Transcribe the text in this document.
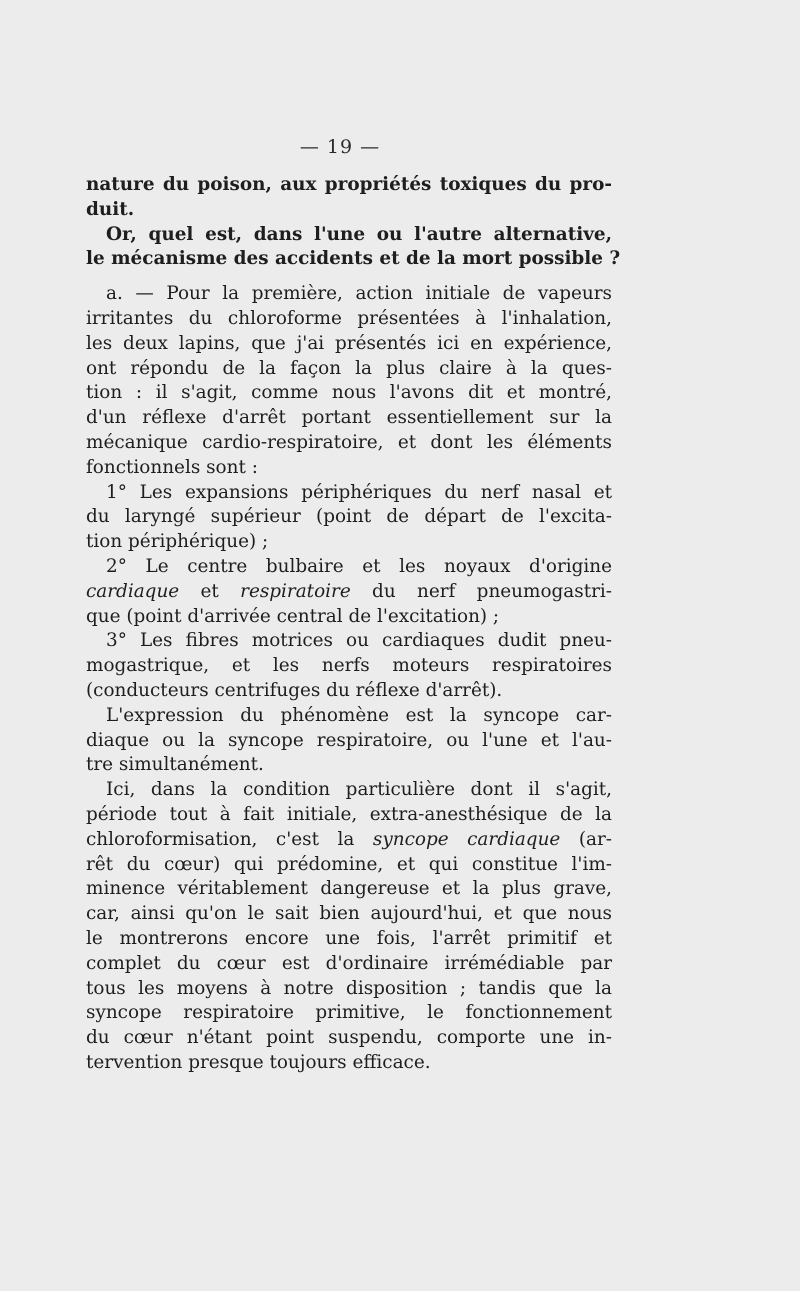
— 19 —
nature du poison, aux propriétés toxiques du pro-
duit.
Or, quel est, dans l'une ou l'autre alternative,
le mécanisme des accidents et de la mort possible ?
a. — Pour la première, action initiale de vapeurs
irritantes du chloroforme présentées à l'inhalation,
les deux lapins, que j'ai présentés ici en expérience,
ont répondu de la façon la plus claire à la ques-
tion : il s'agit, comme nous l'avons dit et montré,
d'un réflexe d'arrêt portant essentiellement sur la
mécanique cardio-respiratoire, et dont les éléments
fonctionnels sont :
1° Les expansions périphériques du nerf nasal et
du laryngé supérieur (point de départ de l'excita-
tion périphérique) ;
2° Le centre bulbaire et les noyaux d'origine
cardiaque et respiratoire du nerf pneumogastri-
que (point d'arrivée central de l'excitation) ;
3° Les fibres motrices ou cardiaques dudit pneu-
mogastrique, et les nerfs moteurs respiratoires
(conducteurs centrifuges du réflexe d'arrêt).
L'expression du phénomène est la syncope car-
diaque ou la syncope respiratoire, ou l'une et l'au-
tre simultanément.
Ici, dans la condition particulière dont il s'agit,
période tout à fait initiale, extra-anesthésique de la
chloroformisation, c'est la syncope cardiaque (ar-
rêt du cœur) qui prédomine, et qui constitue l'im-
minence véritablement dangereuse et la plus grave,
car, ainsi qu'on le sait bien aujourd'hui, et que nous
le montrerons encore une fois, l'arrêt primitif et
complet du cœur est d'ordinaire irrémédiable par
tous les moyens à notre disposition ; tandis que la
syncope respiratoire primitive, le fonctionnement
du cœur n'étant point suspendu, comporte une in-
tervention presque toujours efficace.
